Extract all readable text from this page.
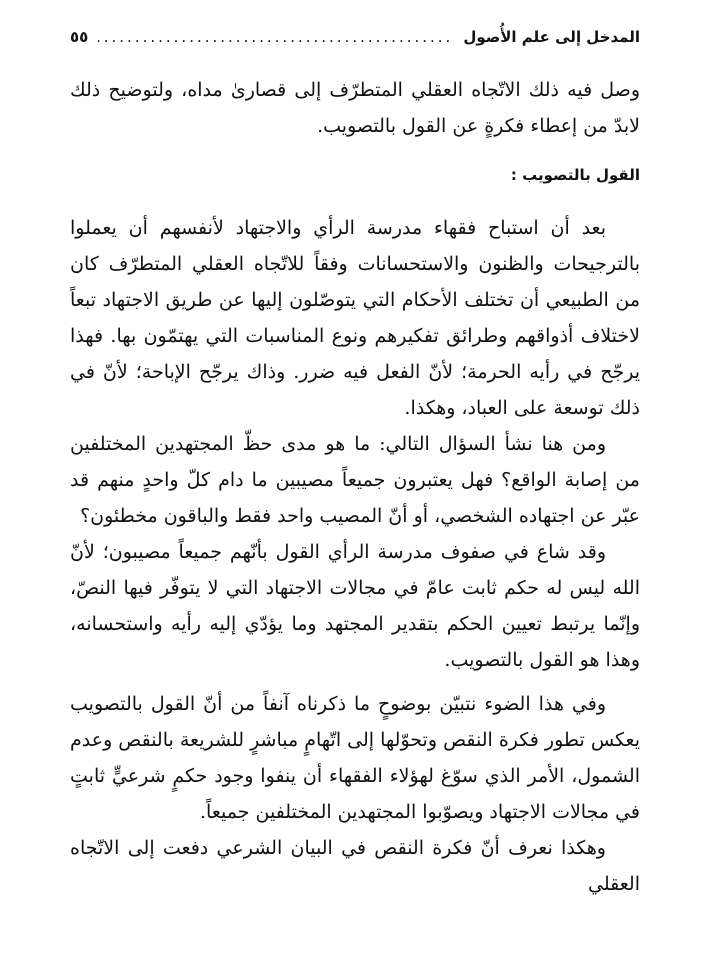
المدخل إلى علم الأُصول
.....
٥٥

وصل فيه ذلك الاتّجاه العقلي المتطرّف إلى قصارىٰ مداه، ولتوضيح ذلك لابدّ من إعطاء فكرةٍ عن القول بالتصويب.

القول بالتصويب :

بعد أن استباح فقهاء مدرسة الرأي والاجتهاد لأنفسهم أن يعملوا بالترجيحات والظنون والاستحسانات وفقاً للاتّجاه العقلي المتطرّف كان من الطبيعي أن تختلف الأحكام التي يتوصّلون إليها عن طريق الاجتهاد تبعاً لاختلاف أذواقهم وطرائق تفكيرهم ونوع المناسبات التي يهتمّون بها. فهذا يرجّح في رأيه الحرمة؛ لأنّ الفعل فيه ضرر. وذاك يرجّح الإباحة؛ لأنّ في ذلك توسعة على العباد، وهكذا.

ومن هنا نشأ السؤال التالي: ما هو مدى حظّ المجتهدين المختلفين من إصابة الواقع؟ فهل يعتبرون جميعاً مصيبين ما دام كلّ واحدٍ منهم قد عبّر عن اجتهاده الشخصي، أو أنّ المصيب واحد فقط والباقون مخطئون؟

وقد شاع في صفوف مدرسة الرأي القول بأنّهم جميعاً مصيبون؛ لأنّ الله ليس له حكم ثابت عامّ في مجالات الاجتهاد التي لا يتوفّر فيها النصّ، وإنّما يرتبط تعيين الحكم بتقدير المجتهد وما يؤدّي إليه رأيه واستحسانه، وهذا هو القول بالتصويب.

وفي هذا الضوء نتبيّن بوضوحٍ ما ذكرناه آنفاً من أنّ القول بالتصويب يعكس تطور فكرة النقص وتحوّلها إلى اتّهامٍ مباشرٍ للشريعة بالنقص وعدم الشمول، الأمر الذي سوّغ لهؤلاء الفقهاء أن ينفوا وجود حكمٍ شرعيٍّ ثابتٍ في مجالات الاجتهاد ويصوّبوا المجتهدين المختلفين جميعاً.

وهكذا نعرف أنّ فكرة النقص في البيان الشرعي دفعت إلى الاتّجاه العقلي
